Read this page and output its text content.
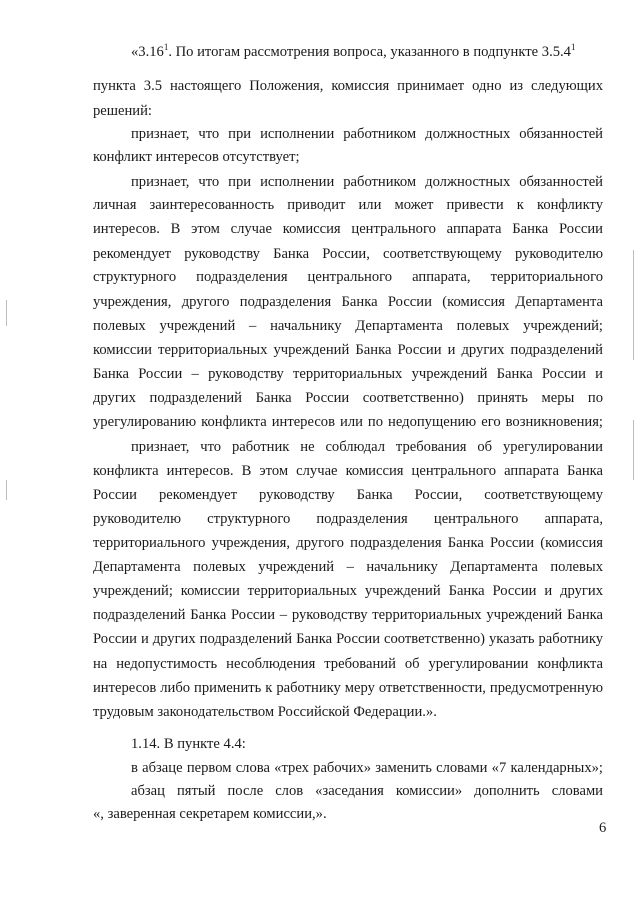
«3.16$^1$. По итогам рассмотрения вопроса, указанного в подпункте 3.5.4$^1$
пункта 3.5 настоящего Положения, комиссия принимает одно из следующих
решений:
признает, что при исполнении работником должностных обязанностей
конфликт интересов отсутствует;
признает, что при исполнении работником должностных обязанностей
личная заинтересованность приводит или может привести к конфликту
интересов. В этом случае комиссия центрального аппарата Банка России
рекомендует руководству Банка России, соответствующему руководителю
структурного подразделения центрального аппарата, территориального
учреждения, другого подразделения Банка России (комиссия Департамента
полевых учреждений – начальнику Департамента полевых учреждений;
комиссии территориальных учреждений Банка России и других подразделений
Банка России – руководству территориальных учреждений Банка России и
других подразделений Банка России соответственно) принять меры по
урегулированию конфликта интересов или по недопущению его возникновения;
признает, что работник не соблюдал требования об урегулировании
конфликта интересов. В этом случае комиссия центрального аппарата Банка
России рекомендует руководству Банка России, соответствующему
руководителю структурного подразделения центрального аппарата,
территориального учреждения, другого подразделения Банка России (комиссия
Департамента полевых учреждений – начальнику Департамента полевых
учреждений; комиссии территориальных учреждений Банка России и других
подразделений Банка России – руководству территориальных учреждений Банка
России и других подразделений Банка России соответственно) указать работнику
на недопустимость несоблюдения требований об урегулировании конфликта
интересов либо применить к работнику меру ответственности, предусмотренную
трудовым законодательством Российской Федерации.».
1.14. В пункте 4.4:
в абзаце первом слова «трех рабочих» заменить словами «7 календарных»;
абзац пятый после слов «заседания комиссии» дополнить словами
«, заверенная секретарем комиссии,».
6
